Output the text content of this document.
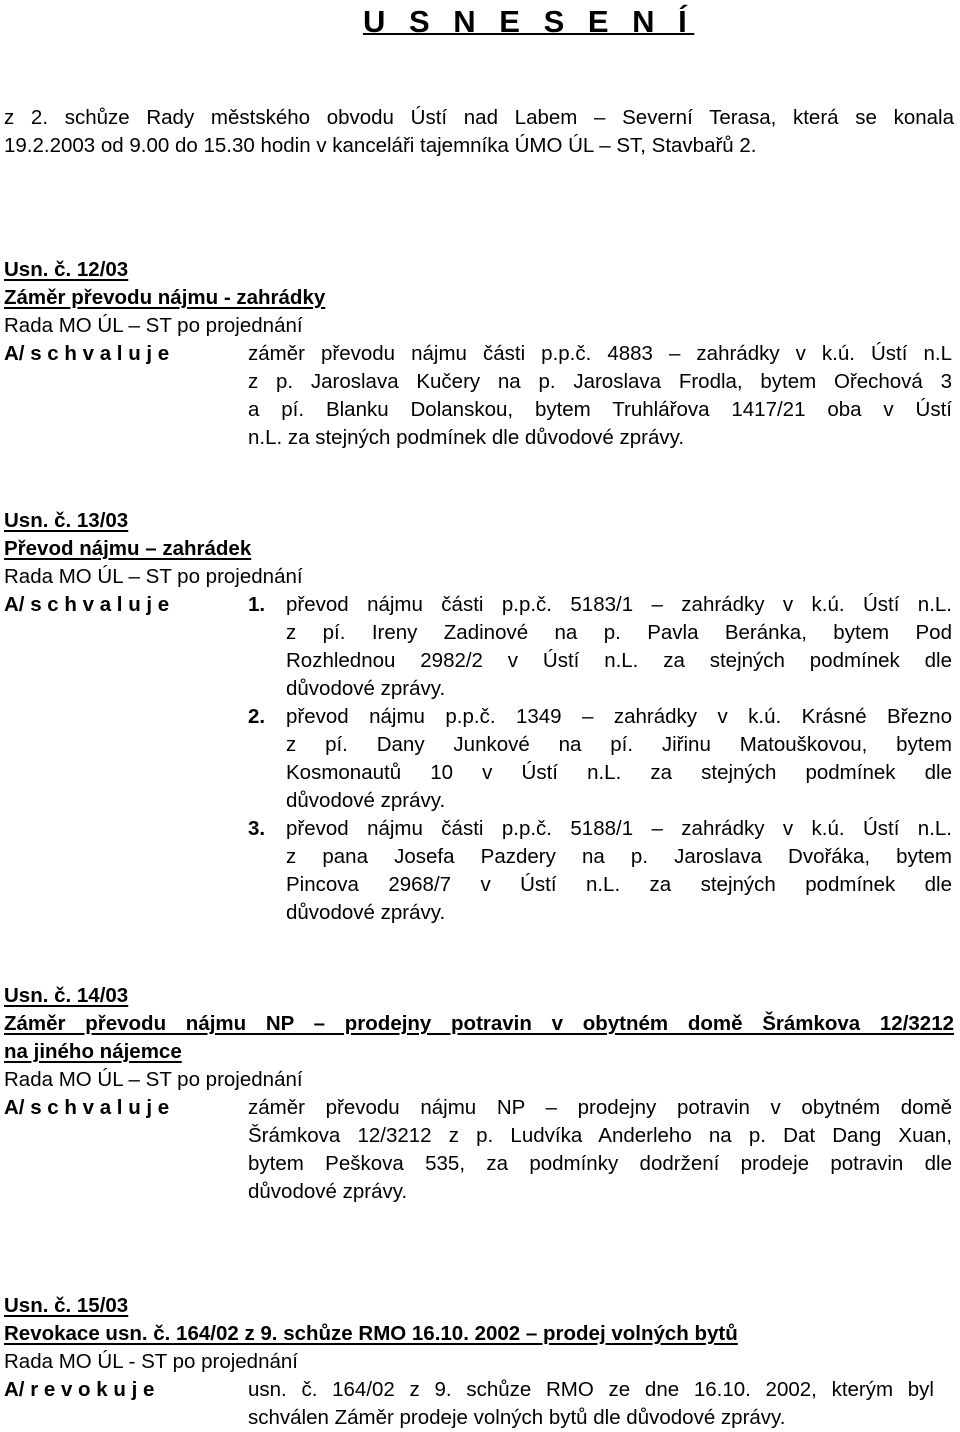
U S N E S E N Í
z 2. schůze Rady městského obvodu Ústí nad Labem – Severní Terasa, která se konala
19.2.2003 od 9.00 do 15.30 hodin v kanceláři tajemníka ÚMO ÚL – ST, Stavbařů 2.
Usn. č. 12/03
Záměr převodu nájmu - zahrádky
Rada MO ÚL – ST po projednání
A/ s c h v a l u j e	záměr převodu nájmu části p.p.č. 4883 – zahrádky v k.ú. Ústí n.L
z p. Jaroslava Kučery na p. Jaroslava Frodla, bytem Ořechová 3
a pí. Blanku Dolanskou, bytem Truhlářova 1417/21 oba v Ústí
n.L. za stejných podmínek dle důvodové zprávy.
Usn. č. 13/03
Převod nájmu – zahrádek
Rada MO ÚL – ST po projednání
A/ s c h v a l u j e	1. převod nájmu části p.p.č. 5183/1 – zahrádky v k.ú. Ústí n.L.
z pí. Ireny Zadinové na p. Pavla Beránka, bytem Pod
Rozhlednou 2982/2 v Ústí n.L. za stejných podmínek dle
důvodové zprávy.
2. převod nájmu p.p.č. 1349 – zahrádky v k.ú. Krásné Březno
z pí. Dany Junkové na pí. Jiřinu Matouškovou, bytem
Kosmonautů 10 v Ústí n.L. za stejných podmínek dle
důvodové zprávy.
3. převod nájmu části p.p.č. 5188/1 – zahrádky v k.ú. Ústí n.L.
z pana Josefa Pazdery na p. Jaroslava Dvořáka, bytem
Pincova 2968/7 v Ústí n.L. za stejných podmínek dle
důvodové zprávy.
Usn. č. 14/03
Záměr převodu nájmu NP – prodejny potravin v obytném domě Šrámkova 12/3212
na jiného nájemce
Rada MO ÚL – ST po projednání
A/ s c h v a l u j e	záměr převodu nájmu NP – prodejny potravin v obytném domě
Šrámkova 12/3212 z p. Ludvíka Anderleho na p. Dat Dang Xuan,
bytem Peškova 535, za podmínky dodržení prodeje potravin dle
důvodové zprávy.
Usn. č. 15/03
Revokace usn. č. 164/02 z 9. schůze RMO 16.10. 2002 – prodej volných bytů
Rada MO ÚL - ST po projednání
A/ r e v o k u j e	usn. č. 164/02 z 9. schůze RMO ze dne 16.10. 2002, kterým byl
schválen Záměr prodeje volných bytů dle důvodové zprávy.
